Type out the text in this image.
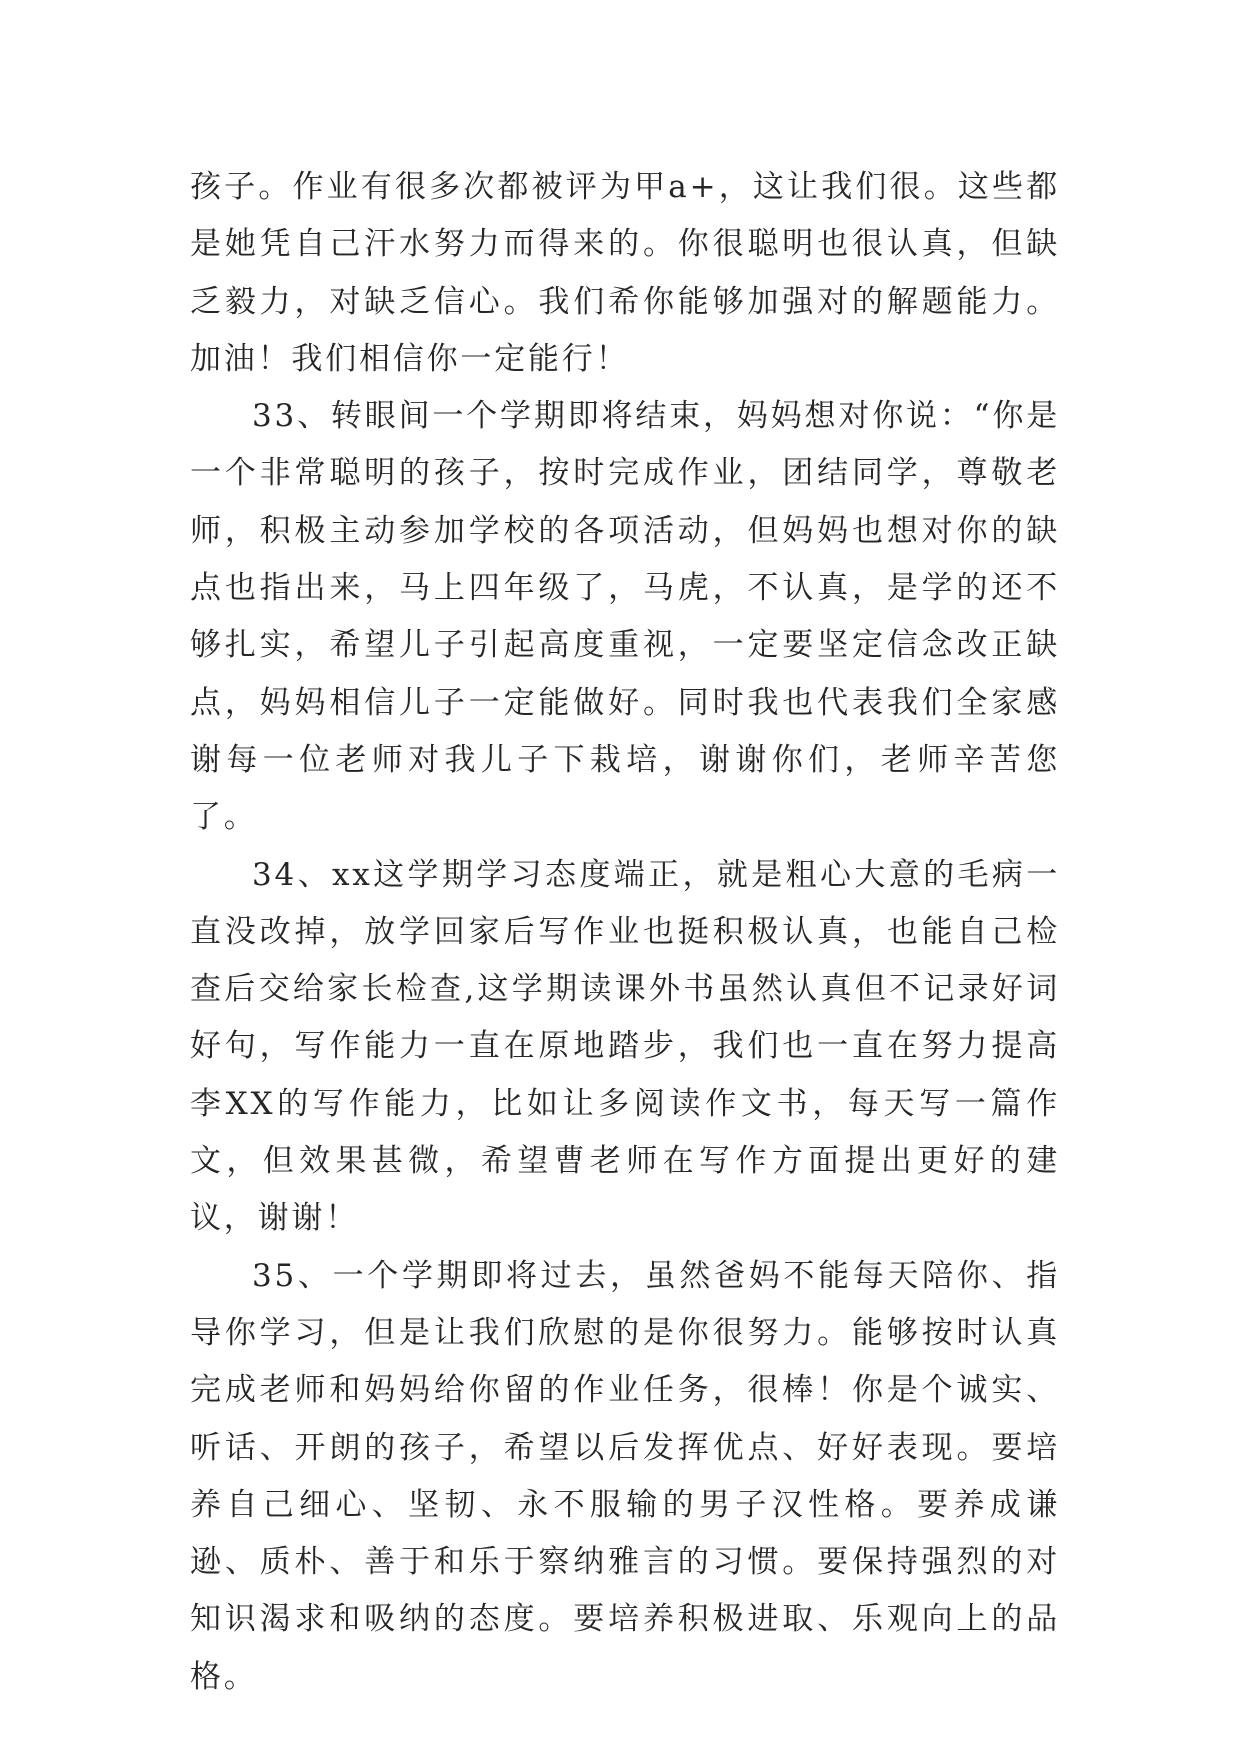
孩子。作业有很多次都被评为甲a+，这让我们很。这些都是她凭自己汗水努力而得来的。你很聪明也很认真，但缺乏毅力，对缺乏信心。我们希你能够加强对的解题能力。加油！我们相信你一定能行！

33、转眼间一个学期即将结束，妈妈想对你说：“你是一个非常聪明的孩子，按时完成作业，团结同学，尊敬老师，积极主动参加学校的各项活动，但妈妈也想对你的缺点也指出来，马上四年级了，马虎，不认真，是学的还不够扎实，希望儿子引起高度重视，一定要坚定信念改正缺点，妈妈相信儿子一定能做好。同时我也代表我们全家感谢每一位老师对我儿子下栽培，谢谢你们，老师辛苦您了。

34、xx这学期学习态度端正，就是粗心大意的毛病一直没改掉，放学回家后写作业也挺积极认真，也能自己检查后交给家长检查,这学期读课外书虽然认真但不记录好词好句，写作能力一直在原地踏步，我们也一直在努力提高李XX的写作能力，比如让多阅读作文书，每天写一篇作文，但效果甚微，希望曹老师在写作方面提出更好的建议，谢谢！

35、一个学期即将过去，虽然爸妈不能每天陪你、指导你学习，但是让我们欣慰的是你很努力。能够按时认真完成老师和妈妈给你留的作业任务，很棒！你是个诚实、听话、开朗的孩子，希望以后发挥优点、好好表现。要培养自己细心、坚韧、永不服输的男子汉性格。要养成谦逊、质朴、善于和乐于察纳雅言的习惯。要保持强烈的对知识渴求和吸纳的态度。要培养积极进取、乐观向上的品格。
